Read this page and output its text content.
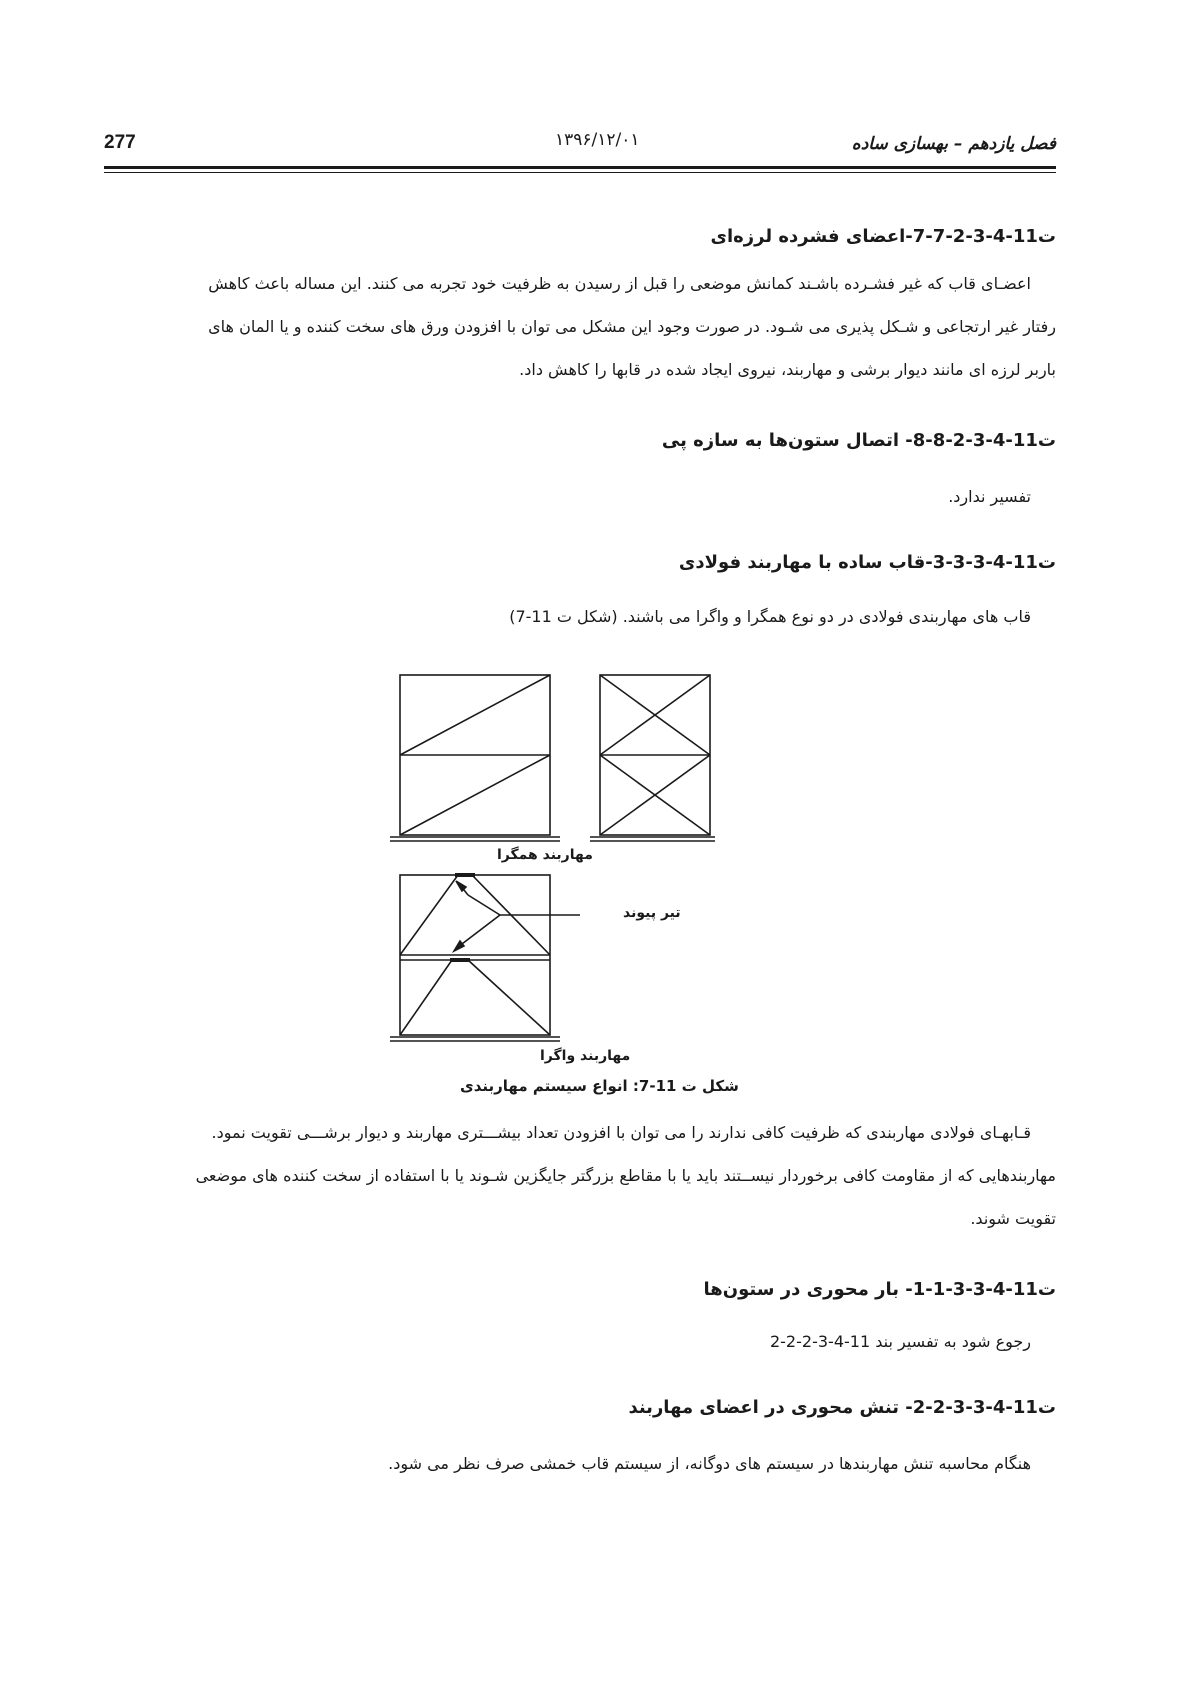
277	۱۳۹۶/۱۲/۰۱	فصل یازدهم – بهسازی ساده
ت11-4-3-2-7-7-اعضای فشرده لرزه‌ای
اعضـای قاب که غیر فشـرده باشـند کمانش موضعی را قبل از رسیدن به ظرفیت خود تجربه می کنند. این مساله باعث کاهش
رفتار غیر ارتجاعی و شـکل پذیری می شـود. در صورت وجود این مشکل می توان با افزودن ورق های سخت کننده و یا المان های
باربر لرزه ای مانند دیوار برشی و مهاربند، نیروی ایجاد شده در قابها را کاهش داد.
ت11-4-3-2-8-8- اتصال ستون‌ها به سازه پی
تفسیر ندارد.
ت11-4-3-3-3-قاب ساده با مهاربند فولادی
قاب های مهاربندی فولادی در دو نوع همگرا و واگرا می باشند. (شکل ت 11-7)
مهاربند همگرا
تیر پیوند
مهاربند واگرا
شکل ت 11-7: انواع سیستم مهاربندی
قـابهـای فولادی مهاربندی که ظرفیت کافی ندارند را می توان با افزودن تعداد بیشـــتری مهاربند و دیوار برشـــی تقویت نمود.
مهاربندهایی که از مقاومت کافی برخوردار نیســتند باید یا با مقاطع بزرگتر جایگزین شـوند یا با استفاده از سخت کننده های موضعی
تقویت شوند.
ت11-4-3-3-1-1- بار محوری در ستون‌ها
رجوع شود به تفسیر بند 11-4-3-2-2-2
ت11-4-3-3-2-2- تنش محوری در اعضای مهاربند
هنگام محاسبه تنش مهاربندها در سیستم های دوگانه، از سیستم قاب خمشی صرف نظر می شود.
